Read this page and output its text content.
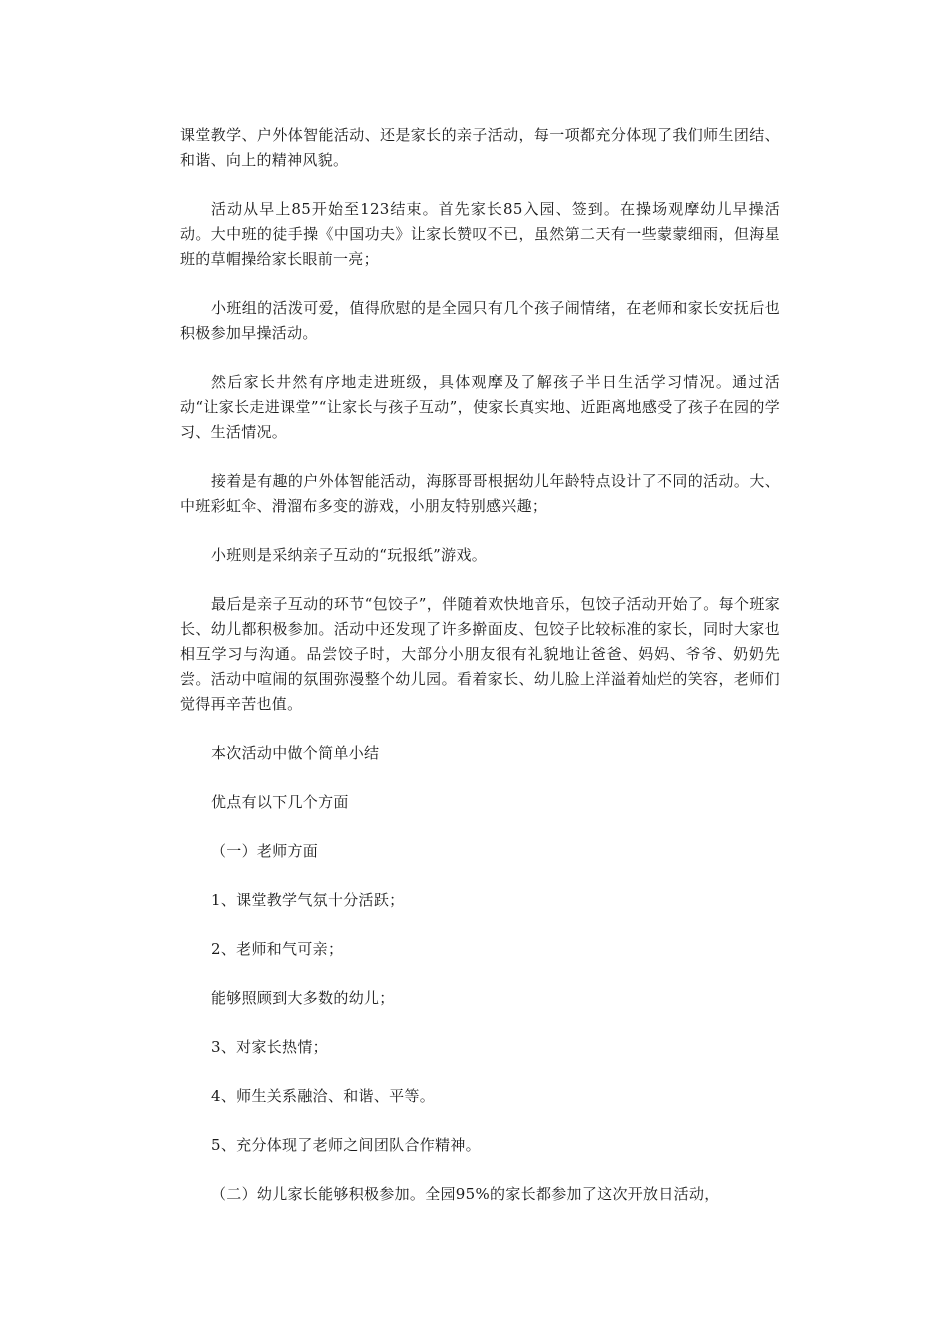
课堂教学、户外体智能活动、还是家长的亲子活动，每一项都充分体现了我们师生团结、和谐、向上的精神风貌。

活动从早上85开始至123结束。首先家长85入园、签到。在操场观摩幼儿早操活动。大中班的徒手操《中国功夫》让家长赞叹不已，虽然第二天有一些蒙蒙细雨，但海星班的草帽操给家长眼前一亮；

小班组的活泼可爱，值得欣慰的是全园只有几个孩子闹情绪，在老师和家长安抚后也积极参加早操活动。

然后家长井然有序地走进班级，具体观摩及了解孩子半日生活学习情况。通过活动“让家长走进课堂”“让家长与孩子互动”，使家长真实地、近距离地感受了孩子在园的学习、生活情况。

接着是有趣的户外体智能活动，海豚哥哥根据幼儿年龄特点设计了不同的活动。大、中班彩虹伞、滑溜布多变的游戏，小朋友特别感兴趣；

小班则是采纳亲子互动的“玩报纸”游戏。

最后是亲子互动的环节“包饺子”，伴随着欢快地音乐，包饺子活动开始了。每个班家长、幼儿都积极参加。活动中还发现了许多擀面皮、包饺子比较标准的家长，同时大家也相互学习与沟通。品尝饺子时，大部分小朋友很有礼貌地让爸爸、妈妈、爷爷、奶奶先尝。活动中喧闹的氛围弥漫整个幼儿园。看着家长、幼儿脸上洋溢着灿烂的笑容，老师们觉得再辛苦也值。

本次活动中做个简单小结

优点有以下几个方面

（一）老师方面

1、课堂教学气氛十分活跃；

2、老师和气可亲；

能够照顾到大多数的幼儿；

3、对家长热情；

4、师生关系融洽、和谐、平等。

5、充分体现了老师之间团队合作精神。

（二）幼儿家长能够积极参加。全园95%的家长都参加了这次开放日活动，
